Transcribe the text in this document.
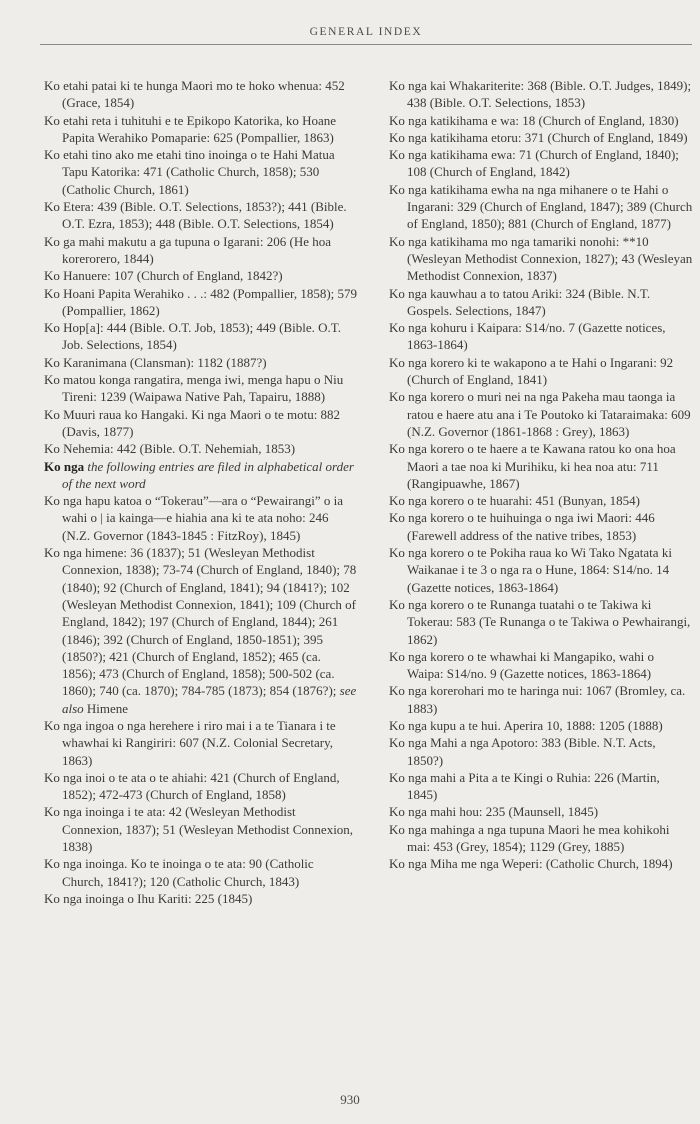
GENERAL INDEX

Ko etahi patai ki te hunga Maori mo te hoko whenua: 452 (Grace, 1854)

Ko etahi reta i tuhituhi e te Epikopo Katorika, ko Hoane Papita Werahiko Pomaparie: 625 (Pompallier, 1863)

Ko etahi tino ako me etahi tino inoinga o te Hahi Matua Tapu Katorika: 471 (Catholic Church, 1858); 530 (Catholic Church, 1861)

Ko Etera: 439 (Bible. O.T. Selections, 1853?); 441 (Bible. O.T. Ezra, 1853); 448 (Bible. O.T. Selections, 1854)

Ko ga mahi makutu a ga tupuna o Igarani: 206 (He hoa korerorero, 1844)

Ko Hanuere: 107 (Church of England, 1842?)

Ko Hoani Papita Werahiko . . .: 482 (Pompallier, 1858); 579 (Pompallier, 1862)

Ko Hop[a]: 444 (Bible. O.T. Job, 1853); 449 (Bible. O.T. Job. Selections, 1854)

Ko Karanimana (Clansman): 1182 (1887?)

Ko matou konga rangatira, menga iwi, menga hapu o Niu Tireni: 1239 (Waipawa Native Pah, Tapairu, 1888)

Ko Muuri raua ko Hangaki. Ki nga Maori o te motu: 882 (Davis, 1877)

Ko Nehemia: 442 (Bible. O.T. Nehemiah, 1853)

Ko nga the following entries are filed in alphabetical order of the next word

Ko nga hapu katoa o “Tokerau”—ara o “Pewairangi” o ia wahi o | ia kainga—e hiahia ana ki te ata noho: 246 (N.Z. Governor (1843-1845 : FitzRoy), 1845)

Ko nga himene: 36 (1837); 51 (Wesleyan Methodist Connexion, 1838); 73-74 (Church of England, 1840); 78 (1840); 92 (Church of England, 1841); 94 (1841?); 102 (Wesleyan Methodist Connexion, 1841); 109 (Church of England, 1842); 197 (Church of England, 1844); 261 (1846); 392 (Church of England, 1850-1851); 395 (1850?); 421 (Church of England, 1852); 465 (ca. 1856); 473 (Church of England, 1858); 500-502 (ca. 1860); 740 (ca. 1870); 784-785 (1873); 854 (1876?); see also Himene

Ko nga ingoa o nga herehere i riro mai i a te Tianara i te whawhai ki Rangiriri: 607 (N.Z. Colonial Secretary, 1863)

Ko nga inoi o te ata o te ahiahi: 421 (Church of England, 1852); 472-473 (Church of England, 1858)

Ko nga inoinga i te ata: 42 (Wesleyan Methodist Connexion, 1837); 51 (Wesleyan Methodist Connexion, 1838)

Ko nga inoinga. Ko te inoinga o te ata: 90 (Catholic Church, 1841?); 120 (Catholic Church, 1843)

Ko nga inoinga o Ihu Kariti: 225 (1845)

Ko nga kai Whakariterite: 368 (Bible. O.T. Judges, 1849); 438 (Bible. O.T. Selections, 1853)

Ko nga katikihama e wa: 18 (Church of England, 1830)

Ko nga katikihama etoru: 371 (Church of England, 1849)

Ko nga katikihama ewa: 71 (Church of England, 1840); 108 (Church of England, 1842)

Ko nga katikihama ewha na nga mihanere o te Hahi o Ingarani: 329 (Church of England, 1847); 389 (Church of England, 1850); 881 (Church of England, 1877)

Ko nga katikihama mo nga tamariki nonohi: **10 (Wesleyan Methodist Connexion, 1827); 43 (Wesleyan Methodist Connexion, 1837)

Ko nga kauwhau a to tatou Ariki: 324 (Bible. N.T. Gospels. Selections, 1847)

Ko nga kohuru i Kaipara: S14/no. 7 (Gazette notices, 1863-1864)

Ko nga korero ki te wakapono a te Hahi o Ingarani: 92 (Church of England, 1841)

Ko nga korero o muri nei na nga Pakeha mau taonga ia ratou e haere atu ana i Te Poutoko ki Tataraimaka: 609 (N.Z. Governor (1861-1868 : Grey), 1863)

Ko nga korero o te haere a te Kawana ratou ko ona hoa Maori a tae noa ki Murihiku, ki hea noa atu: 711 (Rangipuawhe, 1867)

Ko nga korero o te huarahi: 451 (Bunyan, 1854)

Ko nga korero o te huihuinga o nga iwi Maori: 446 (Farewell address of the native tribes, 1853)

Ko nga korero o te Pokiha raua ko Wi Tako Ngatata ki Waikanae i te 3 o nga ra o Hune, 1864: S14/no. 14 (Gazette notices, 1863-1864)

Ko nga korero o te Runanga tuatahi o te Takiwa ki Tokerau: 583 (Te Runanga o te Takiwa o Pewhairangi, 1862)

Ko nga korero o te whawhai ki Mangapiko, wahi o Waipa: S14/no. 9 (Gazette notices, 1863-1864)

Ko nga korerohari mo te haringa nui: 1067 (Bromley, ca. 1883)

Ko nga kupu a te hui. Aperira 10, 1888: 1205 (1888)

Ko nga Mahi a nga Apotoro: 383 (Bible. N.T. Acts, 1850?)

Ko nga mahi a Pita a te Kingi o Ruhia: 226 (Martin, 1845)

Ko nga mahi hou: 235 (Maunsell, 1845)

Ko nga mahinga a nga tupuna Maori he mea kohikohi mai: 453 (Grey, 1854); 1129 (Grey, 1885)

Ko nga Miha me nga Weperi: (Catholic Church, 1894)

930
